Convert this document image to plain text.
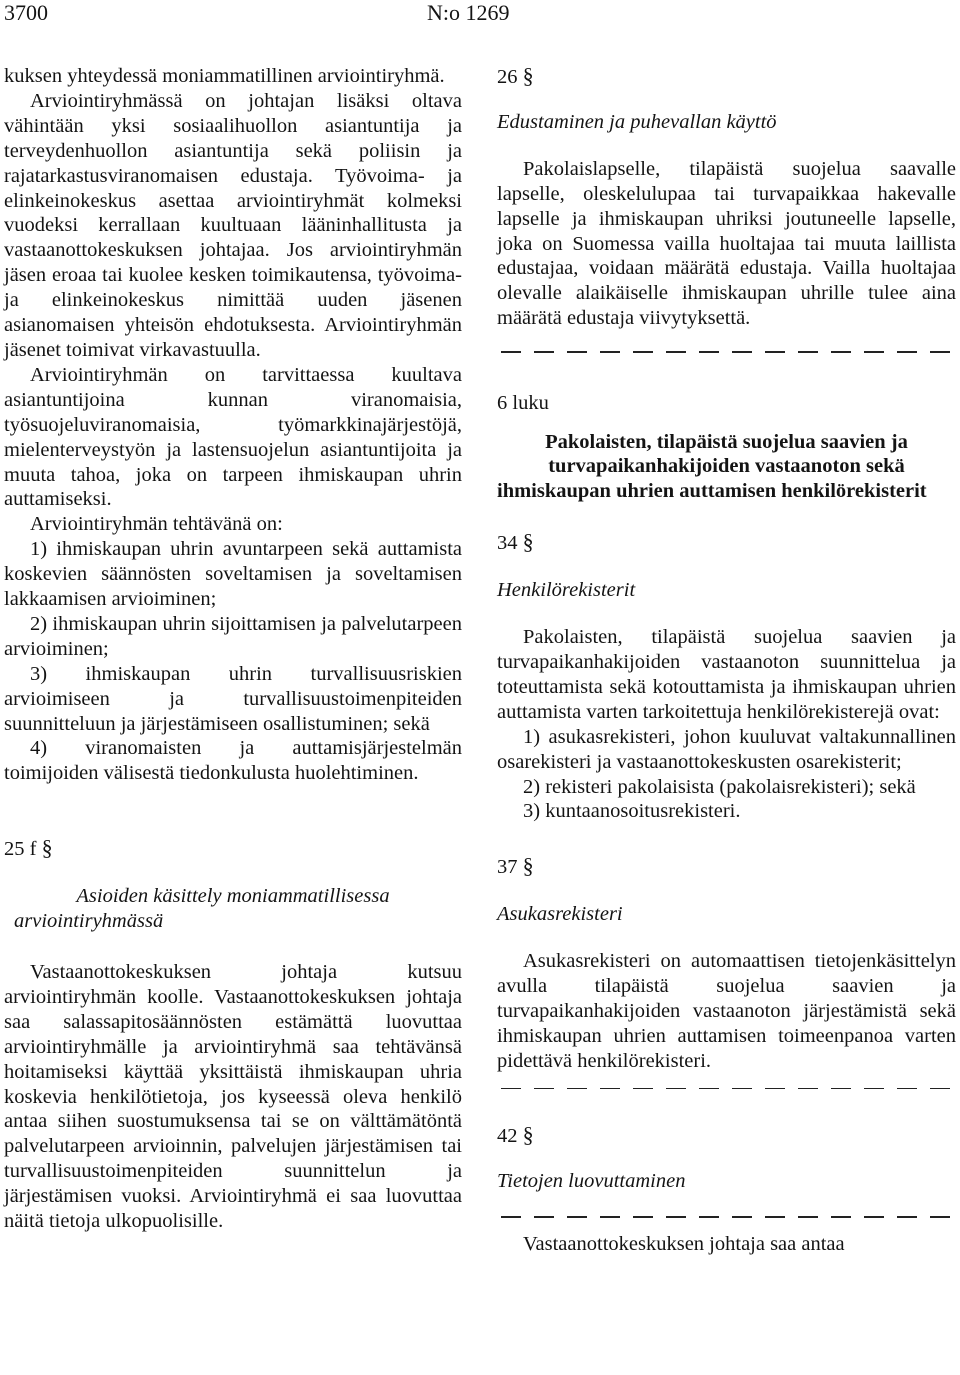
3700	N:o 1269

kuksen yhteydessä moniammatillinen arviointiryhmä.

Arviointiryhmässä on johtajan lisäksi oltava vähintään yksi sosiaalihuollon asiantuntija ja terveydenhuollon asiantuntija sekä poliisin ja rajatarkastusviranomaisen edustaja. Työvoima- ja elinkeinokeskus asettaa arviointiryhmät kolmeksi vuodeksi kerrallaan kuultuaan lääninhallitusta ja vastaanottokeskuksen johtajaa. Jos arviointiryhmän jäsen eroaa tai kuolee kesken toimikautensa, työvoima- ja elinkeinokeskus nimittää uuden jäsenen asianomaisen yhteisön ehdotuksesta. Arviointiryhmän jäsenet toimivat virkavastuulla.

Arviointiryhmän on tarvittaessa kuultava asiantuntijoina kunnan viranomaisia, työsuojeluviranomaisia, työmarkkinajärjestöjä, mielenterveystyön ja lastensuojelun asiantuntijoita ja muuta tahoa, joka on tarpeen ihmiskaupan uhrin auttamiseksi.

Arviointiryhmän tehtävänä on:

1) ihmiskaupan uhrin avuntarpeen sekä auttamista koskevien säännösten soveltamisen ja soveltamisen lakkaamisen arvioiminen;

2) ihmiskaupan uhrin sijoittamisen ja palvelutarpeen arvioiminen;

3) ihmiskaupan uhrin turvallisuusriskien arvioimiseen ja turvallisuustoimenpiteiden suunnitteluun ja järjestämiseen osallistuminen; sekä

4) viranomaisten ja auttamisjärjestelmän toimijoiden välisestä tiedonkulusta huolehtiminen.

25 f §

Asioiden käsittely moniammatillisessa arviointiryhmässä

Vastaanottokeskuksen johtaja kutsuu arviointiryhmän koolle. Vastaanottokeskuksen johtaja saa salassapitosäännösten estämättä luovuttaa arviointiryhmälle ja arviointiryhmä saa tehtävänsä hoitamiseksi käyttää yksittäistä ihmiskaupan uhria koskevia henkilötietoja, jos kyseessä oleva henkilö antaa siihen suostumuksensa tai se on välttämätöntä palvelutarpeen arvioinnin, palvelujen järjestämisen tai turvallisuustoimenpiteiden suunnittelun ja järjestämisen vuoksi. Arviointiryhmä ei saa luovuttaa näitä tietoja ulkopuolisille.

26 §

Edustaminen ja puhevallan käyttö

Pakolaislapselle, tilapäistä suojelua saavalle lapselle, oleskelulupaa tai turvapaikkaa hakevalle lapselle ja ihmiskaupan uhriksi joutuneelle lapselle, joka on Suomessa vailla huoltajaa tai muuta laillista edustajaa, voidaan määrätä edustaja. Vailla huoltajaa olevalle alaikäiselle ihmiskaupan uhrille tulee aina määrätä edustaja viivytyksettä.

6 luku

Pakolaisten, tilapäistä suojelua saavien ja turvapaikanhakijoiden vastaanoton sekä ihmiskaupan uhrien auttamisen henkilörekisterit

34 §

Henkilörekisterit

Pakolaisten, tilapäistä suojelua saavien ja turvapaikanhakijoiden vastaanoton suunnittelua ja toteuttamista sekä kotouttamista ja ihmiskaupan uhrien auttamista varten tarkoitettuja henkilörekisterejä ovat:

1) asukasrekisteri, johon kuuluvat valtakunnallinen osarekisteri ja vastaanottokeskusten osarekisterit;

2) rekisteri pakolaisista (pakolaisrekisteri); sekä

3) kuntaanosoitusrekisteri.

37 §

Asukasrekisteri

Asukasrekisteri on automaattisen tietojenkäsittelyn avulla tilapäistä suojelua saavien ja turvapaikanhakijoiden vastaanoton järjestämistä sekä ihmiskaupan uhrien auttamisen toimeenpanoa varten pidettävä henkilörekisteri.

42 §

Tietojen luovuttaminen

Vastaanottokeskuksen johtaja saa antaa
